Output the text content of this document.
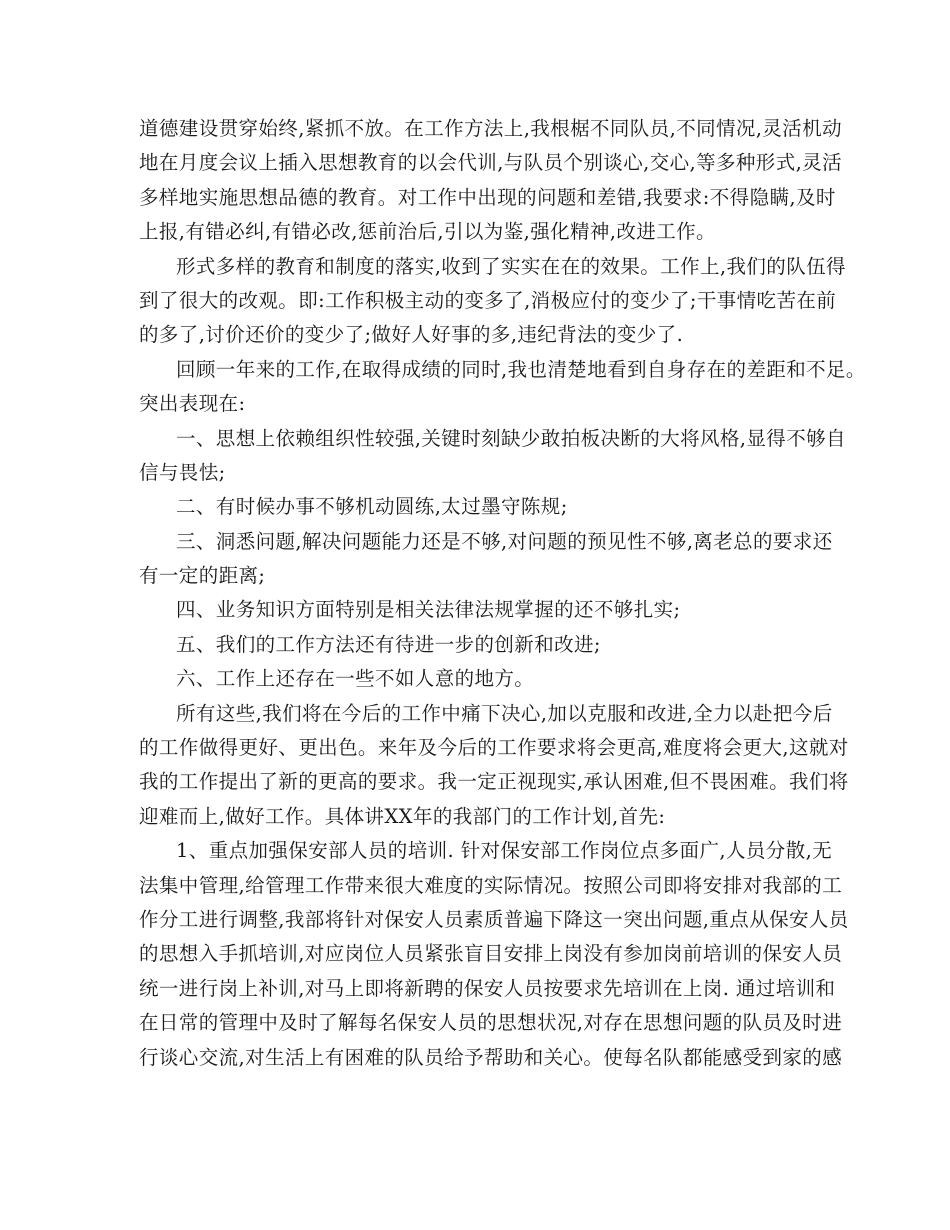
道德建设贯穿始终,紧抓不放。在工作方法上,我根椐不同队员,不同情况,灵活机动
地在月度会议上插入思想教育的以会代训,与队员个别谈心,交心,等多种形式,灵活
多样地实施思想品德的教育。对工作中出现的问题和差错,我要求:不得隐瞒,及时
上报,有错必纠,有错必改,惩前治后,引以为鉴,强化精神,改进工作。
形式多样的教育和制度的落实,收到了实实在在的效果。工作上,我们的队伍得
到了很大的改观。即:工作积极主动的变多了,消极应付的变少了;干事情吃苦在前
的多了,讨价还价的变少了;做好人好事的多,违纪背法的变少了.
回顾一年来的工作,在取得成绩的同时,我也清楚地看到自身存在的差距和不足。
突出表现在:
一、思想上依赖组织性较强,关键时刻缺少敢拍板决断的大将风格,显得不够自
信与畏怯;
二、有时候办事不够机动圆练,太过墨守陈规;
三、洞悉问题,解决问题能力还是不够,对问题的预见性不够,离老总的要求还
有一定的距离;
四、业务知识方面特别是相关法律法规掌握的还不够扎实;
五、我们的工作方法还有待进一步的创新和改进;
六、工作上还存在一些不如人意的地方。
所有这些,我们将在今后的工作中痛下决心,加以克服和改进,全力以赴把今后
的工作做得更好、更出色。来年及今后的工作要求将会更高,难度将会更大,这就对
我的工作提出了新的更高的要求。我一定正视现实,承认困难,但不畏困难。我们将
迎难而上,做好工作。具体讲XX年的我部门的工作计划,首先:
1、重点加强保安部人员的培训. 针对保安部工作岗位点多面广,人员分散,无
法集中管理,给管理工作带来很大难度的实际情况。按照公司即将安排对我部的工
作分工进行调整,我部将针对保安人员素质普遍下降这一突出问题,重点从保安人员
的思想入手抓培训,对应岗位人员紧张盲目安排上岗没有参加岗前培训的保安人员
统一进行岗上补训,对马上即将新聘的保安人员按要求先培训在上岗. 通过培训和
在日常的管理中及时了解每名保安人员的思想状况,对存在思想问题的队员及时进
行谈心交流,对生活上有困难的队员给予帮助和关心。使每名队都能感受到家的感
